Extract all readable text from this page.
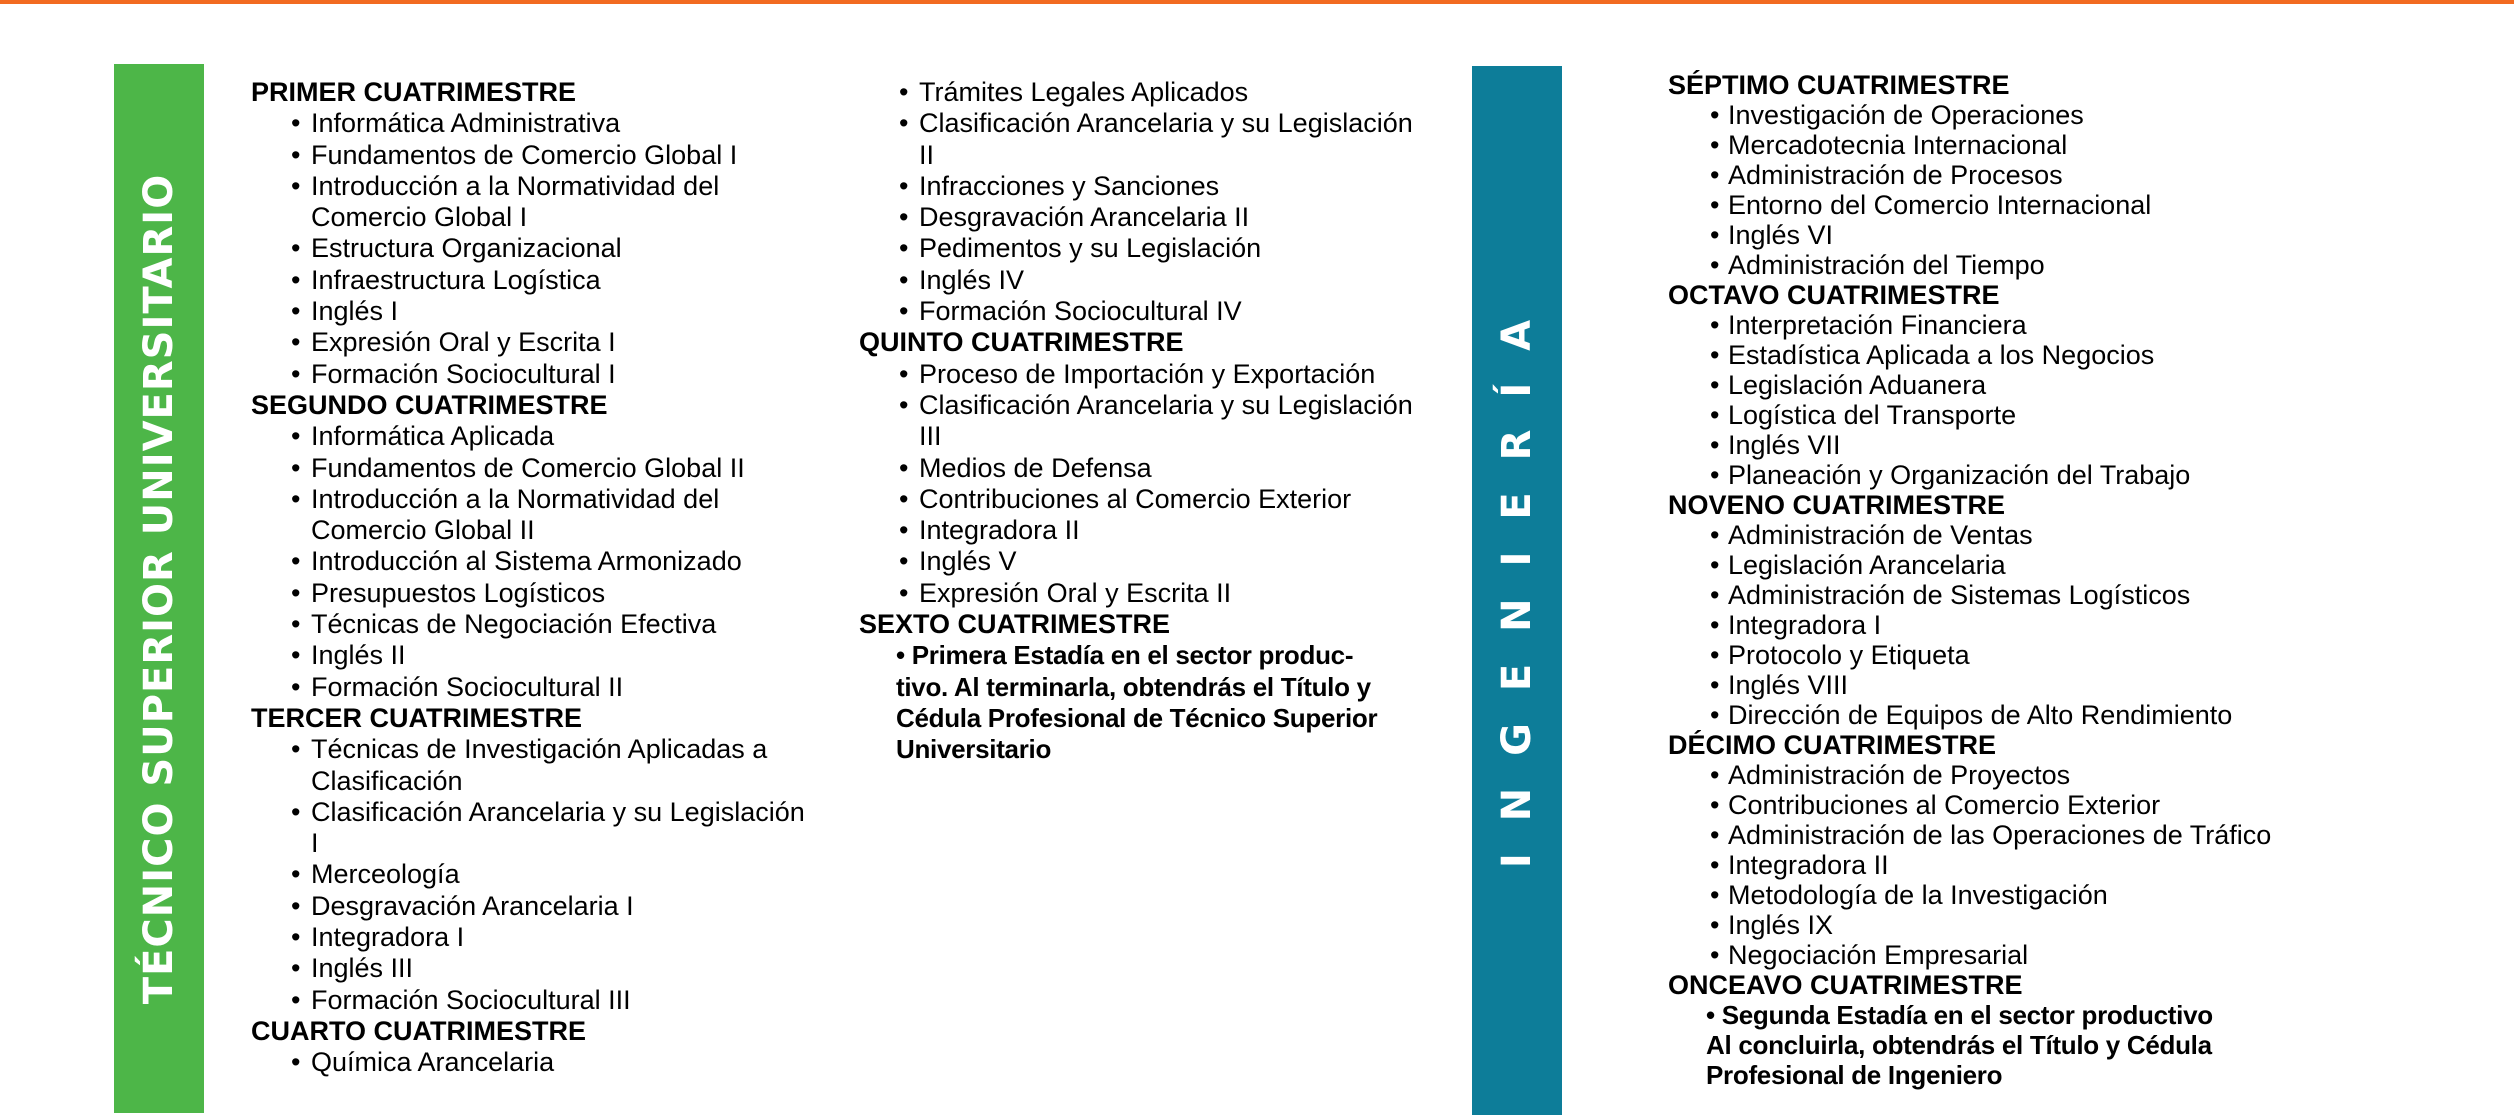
TÉCNICO SUPERIOR UNIVERSITARIO	I N G E N I E R Í A
PRIMER CUATRIMESTRE
• Informática Administrativa
• Fundamentos de Comercio Global I
• Introducción a la Normatividad del Comercio Global I
• Estructura Organizacional
• Infraestructura Logística
• Inglés I
• Expresión Oral y Escrita I
• Formación Sociocultural I
SEGUNDO CUATRIMESTRE
• Informática Aplicada
• Fundamentos de Comercio Global II
• Introducción a la Normatividad del Comercio Global II
• Introducción al Sistema Armonizado
• Presupuestos Logísticos
• Técnicas de Negociación Efectiva
• Inglés II
• Formación Sociocultural II
TERCER CUATRIMESTRE
• Técnicas de Investigación Aplicadas a Clasificación
• Clasificación Arancelaria y su Legislación I
• Merceología
• Desgravación Arancelaria I
• Integradora I
• Inglés III
• Formación Sociocultural III
CUARTO CUATRIMESTRE
• Química Arancelaria
• Trámites Legales Aplicados
• Clasificación Arancelaria y su Legislación II
• Infracciones y Sanciones
• Desgravación Arancelaria II
• Pedimentos y su Legislación
• Inglés IV
• Formación Sociocultural IV
QUINTO CUATRIMESTRE
• Proceso de Importación y Exportación
• Clasificación Arancelaria y su Legislación III
• Medios de Defensa
• Contribuciones al Comercio Exterior
• Integradora II
• Inglés V
• Expresión Oral y Escrita II
SEXTO CUATRIMESTRE
• Primera Estadía en el sector produc-
tivo. Al terminarla, obtendrás el Título y
Cédula Profesional de Técnico Superior
Universitario
SÉPTIMO CUATRIMESTRE
• Investigación de Operaciones
• Mercadotecnia Internacional
• Administración de Procesos
• Entorno del Comercio Internacional
• Inglés VI
• Administración del Tiempo
OCTAVO CUATRIMESTRE
• Interpretación Financiera
• Estadística Aplicada a los Negocios
• Legislación Aduanera
• Logística del Transporte
• Inglés VII
• Planeación y Organización del Trabajo
NOVENO CUATRIMESTRE
• Administración de Ventas
• Legislación Arancelaria
• Administración de Sistemas Logísticos
• Integradora I
• Protocolo y Etiqueta
• Inglés VIII
• Dirección de Equipos de Alto Rendimiento
DÉCIMO CUATRIMESTRE
• Administración de Proyectos
• Contribuciones al Comercio Exterior
• Administración de las Operaciones de Tráfico
• Integradora II
• Metodología de la Investigación
• Inglés IX
• Negociación Empresarial
ONCEAVO CUATRIMESTRE
• Segunda Estadía en el sector productivo
Al concluirla, obtendrás el Título y Cédula
Profesional de Ingeniero
